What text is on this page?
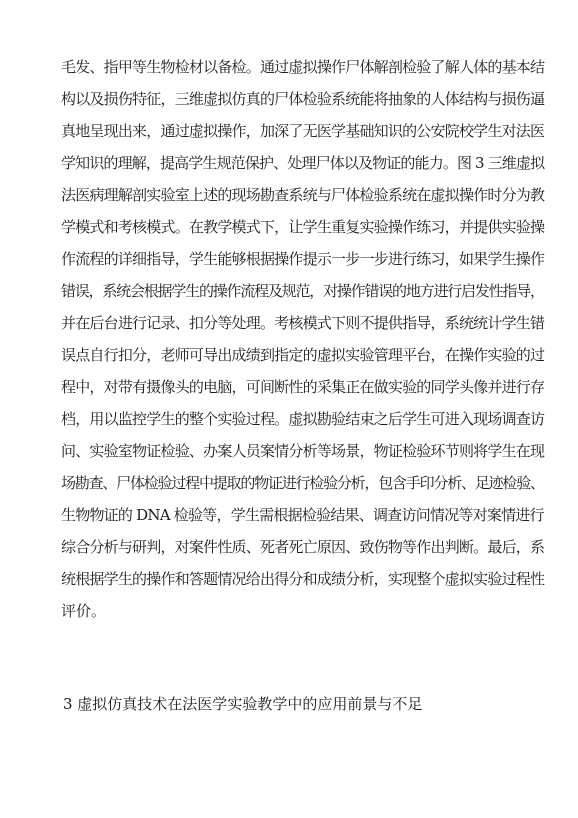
毛发、指甲等生物检材以备检。通过虚拟操作尸体解剖检验了解人体的基本结
构以及损伤特征，三维虚拟仿真的尸体检验系统能将抽象的人体结构与损伤逼
真地呈现出来，通过虚拟操作，加深了无医学基础知识的公安院校学生对法医
学知识的理解，提高学生规范保护、处理尸体以及物证的能力。图 3 三维虚拟
法医病理解剖实验室上述的现场勘查系统与尸体检验系统在虚拟操作时分为教
学模式和考核模式。在教学模式下，让学生重复实验操作练习，并提供实验操
作流程的详细指导，学生能够根据操作提示一步一步进行练习，如果学生操作
错误，系统会根据学生的操作流程及规范，对操作错误的地方进行启发性指导，
并在后台进行记录、扣分等处理。考核模式下则不提供指导，系统统计学生错
误点自行扣分，老师可导出成绩到指定的虚拟实验管理平台，在操作实验的过
程中，对带有摄像头的电脑，可间断性的采集正在做实验的同学头像并进行存
档，用以监控学生的整个实验过程。虚拟勘验结束之后学生可进入现场调查访
问、实验室物证检验、办案人员案情分析等场景，物证检验环节则将学生在现
场勘查、尸体检验过程中提取的物证进行检验分析，包含手印分析、足迹检验、
生物物证的 DNA 检验等，学生需根据检验结果、调查访问情况等对案情进行
综合分析与研判，对案件性质、死者死亡原因、致伤物等作出判断。最后，系
统根据学生的操作和答题情况给出得分和成绩分析，实现整个虚拟实验过程性
评价。
3 虚拟仿真技术在法医学实验教学中的应用前景与不足
